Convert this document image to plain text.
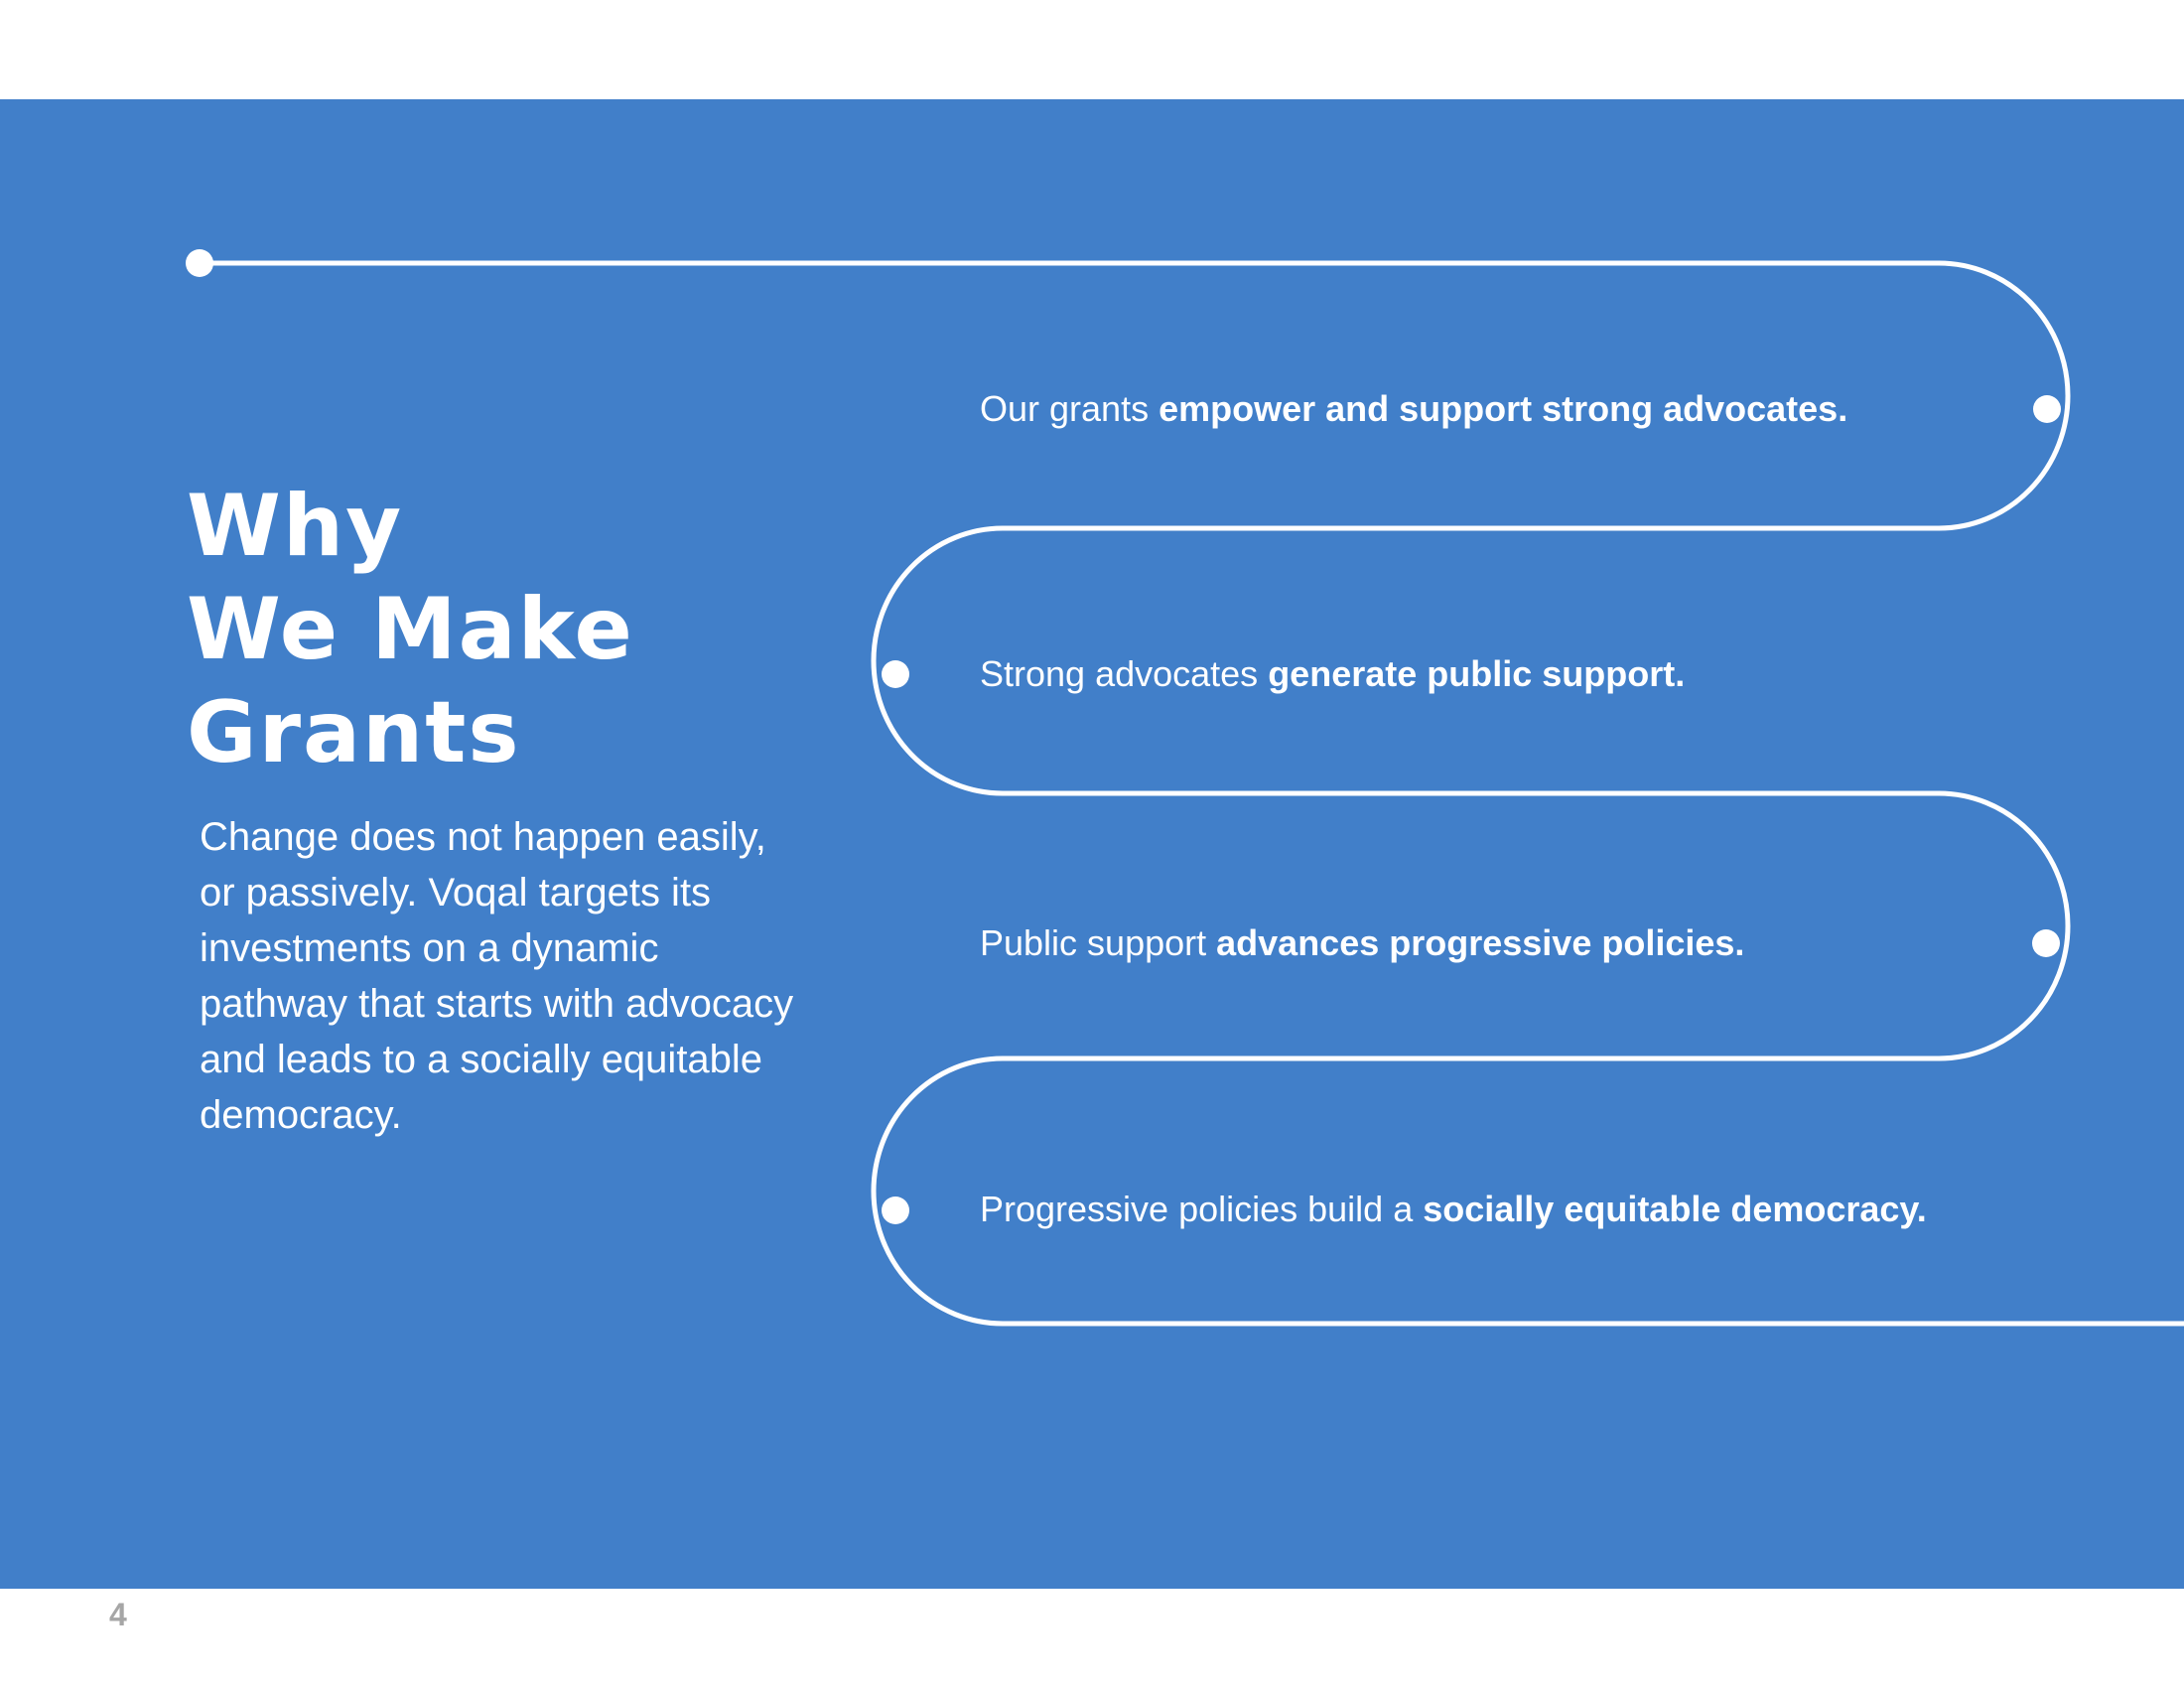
Why
We Make
Grants

Change does not happen easily, or passively. Voqal targets its investments on a dynamic pathway that starts with advocacy and leads to a socially equitable democracy.

Our grants empower and support strong advocates.

Strong advocates generate public support.

Public support advances progressive policies.

Progressive policies build a socially equitable democracy.

4
